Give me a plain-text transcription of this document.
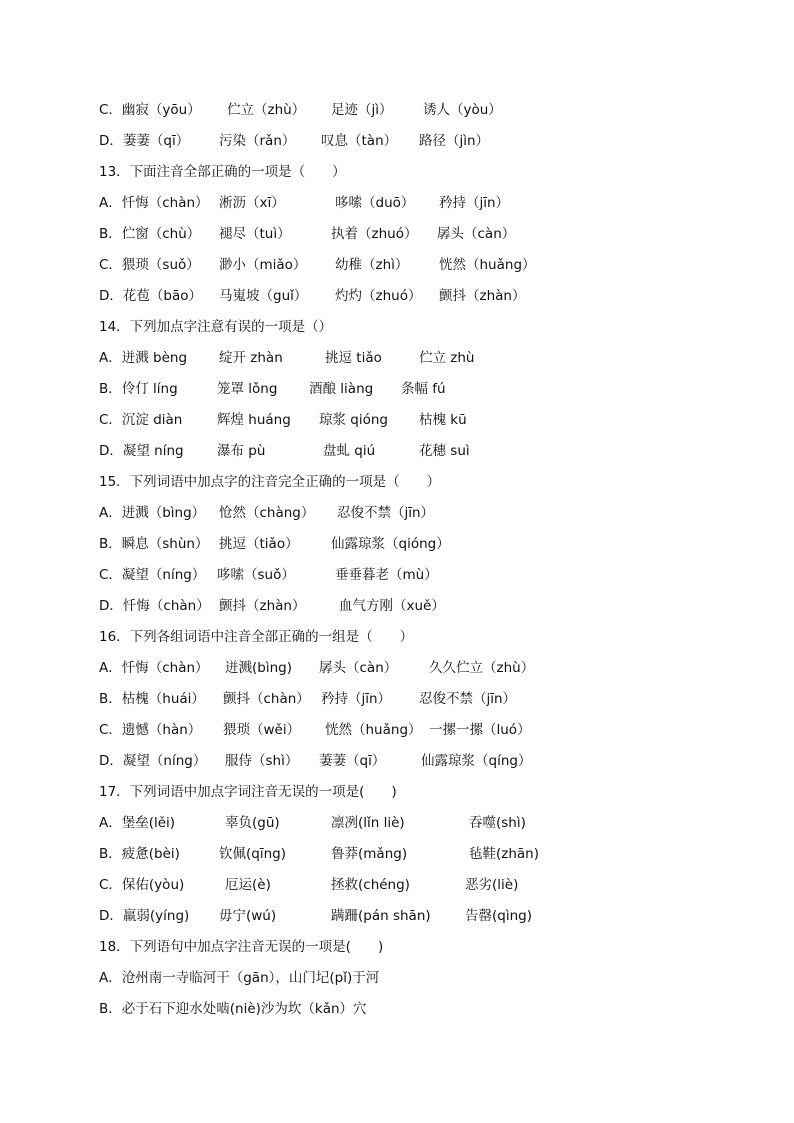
C．幽寂（yōu） 伫立（zhù） 足迹（jì） 诱人（yòu）
D．萋萋（qī） 污染（rǎn） 叹息（tàn） 路径（jìn）
13．下面注音全部正确的一项是（　　）
A．忏悔（chàn） 淅沥（xī）	哆嗦（duō） 矜持（jīn）
B．伫窗（chù） 褪尽（tuì）	执着（zhuó） 孱头（càn）
C．猥琐（suǒ） 渺小（miǎo） 幼稚（zhì） 恍然（huǎng）
D．花苞（bāo） 马嵬坡（guǐ） 灼灼（zhuó） 颤抖（zhàn）
14．下列加点字注意有误的一项是（）
A．迸溅 bèng 绽开 zhàn	挑逗 tiǎo	伫立 zhù
B．伶仃 líng	笼罩 lǒng 酒酿 liàng 条幅 fú
C．沉淀 diàn	辉煌 huáng 琼浆 qióng 枯槐 kū
D．凝望 níng 瀑布 pù	盘虬 qiú	花穗 suì
15．下列词语中加点字的注音完全正确的一项是（　　）
A．迸溅（bìng） 怆然（chàng） 忍俊不禁（jīn）
B．瞬息（shùn） 挑逗（tiǎo） 仙露琼浆（qióng）
C．凝望（níng） 哆嗦（suǒ）	垂垂暮老（mù）
D．忏悔（chàn） 颤抖（zhàn） 血气方刚（xuě）
16．下列各组词语中注音全部正确的一组是（　　）
A．忏悔（chàn） 迸溅(bìng) 孱头（càn） 久久伫立（zhù）
B．枯槐（huái） 颤抖（chàn） 矜持（jīn） 忍俊不禁（jīn）
C．遗憾（hàn） 猥琐（wěi） 恍然（huǎng） 一摞一摞（luó）
D．凝望（níng） 服侍（shì） 萋萋（qī）	仙露琼浆（qíng）
17．下列词语中加点字词注音无误的一项是(　　)
A．堡垒(lěi)	辜负(gū)	凛冽(lǐn liè)	吞噬(shì)
B．疲惫(bèi)	钦佩(qīng)	鲁莽(mǎng)	毡鞋(zhān)
C．保佑(yòu)	厄运(è)	拯救(chéng)	恶劣(liè)
D．羸弱(yíng) 毋宁(wú)	蹒跚(pán shān)	告罄(qìng)
18．下列语句中加点字注音无误的一项是(　　)
A．沧州南一寺临河干（gān），山门圮(pǐ)于河
B．必于石下迎水处啮(niè)沙为坎（kǎn）穴
